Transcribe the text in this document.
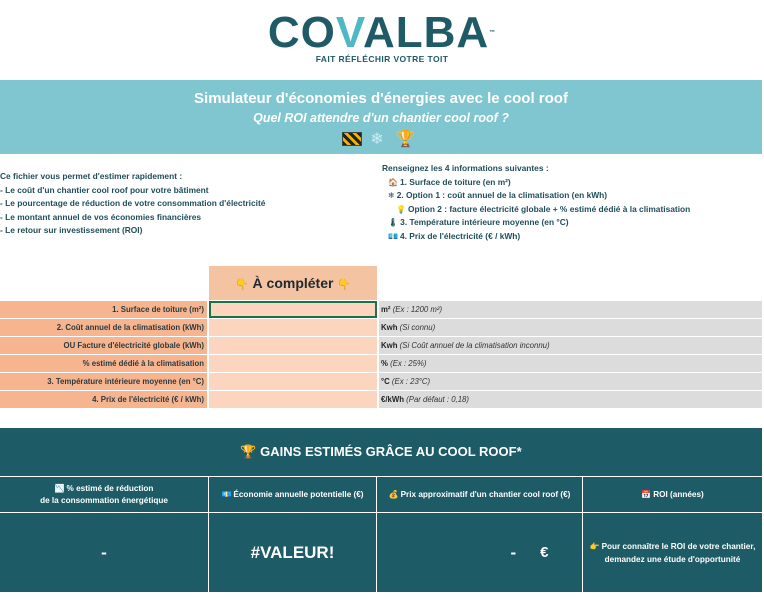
COVALBA™
FAIT RÉFLÉCHIR VOTRE TOIT
Simulateur d'économies d'énergies avec le cool roof
Quel ROI attendre d'un chantier cool roof ?
❄ 🏆
Ce fichier vous permet d'estimer rapidement :
- Le coût d'un chantier cool roof pour votre bâtiment
- Le pourcentage de réduction de votre consommation d'électricité
- Le montant annuel de vos économies financières
- Le retour sur investissement (ROI)
Renseignez les 4 informations suivantes :
🏠 1. Surface de toiture (en m²)
❄ 2. Option 1 : coût annuel de la climatisation (en kWh)
💡 Option 2 : facture électricité globale + % estimé dédié à la climatisation
🌡 3. Température intérieure moyenne (en °C)
💶 4. Prix de l'électricité (€ / kWh)
👇 À compléter 👇
1. Surface de toiture (m²)	m² (Ex : 1200 m²)
2. Coût annuel de la climatisation (kWh)	Kwh (Si connu)
OU Facture d'électricité globale (kWh)	Kwh (Si Coût annuel de la climatisation inconnu)
% estimé dédié à la climatisation	% (Ex : 25%)
3. Température intérieure moyenne (en °C)	°C (Ex : 23°C)
4. Prix de l'électricité (€ / kWh)	€/kWh (Par défaut : 0,18)
🏆 GAINS ESTIMÉS GRÂCE AU COOL ROOF*
📉 % estimé de réduction
de la consommation énergétique
💶 Économie annuelle potentielle (€)	💰 Prix approximatif d'un chantier cool roof (€)	📅 ROI (années)
-	#VALEUR!	- €	👉 Pour connaître le ROI de votre chantier,
demandez une étude d'opportunité
